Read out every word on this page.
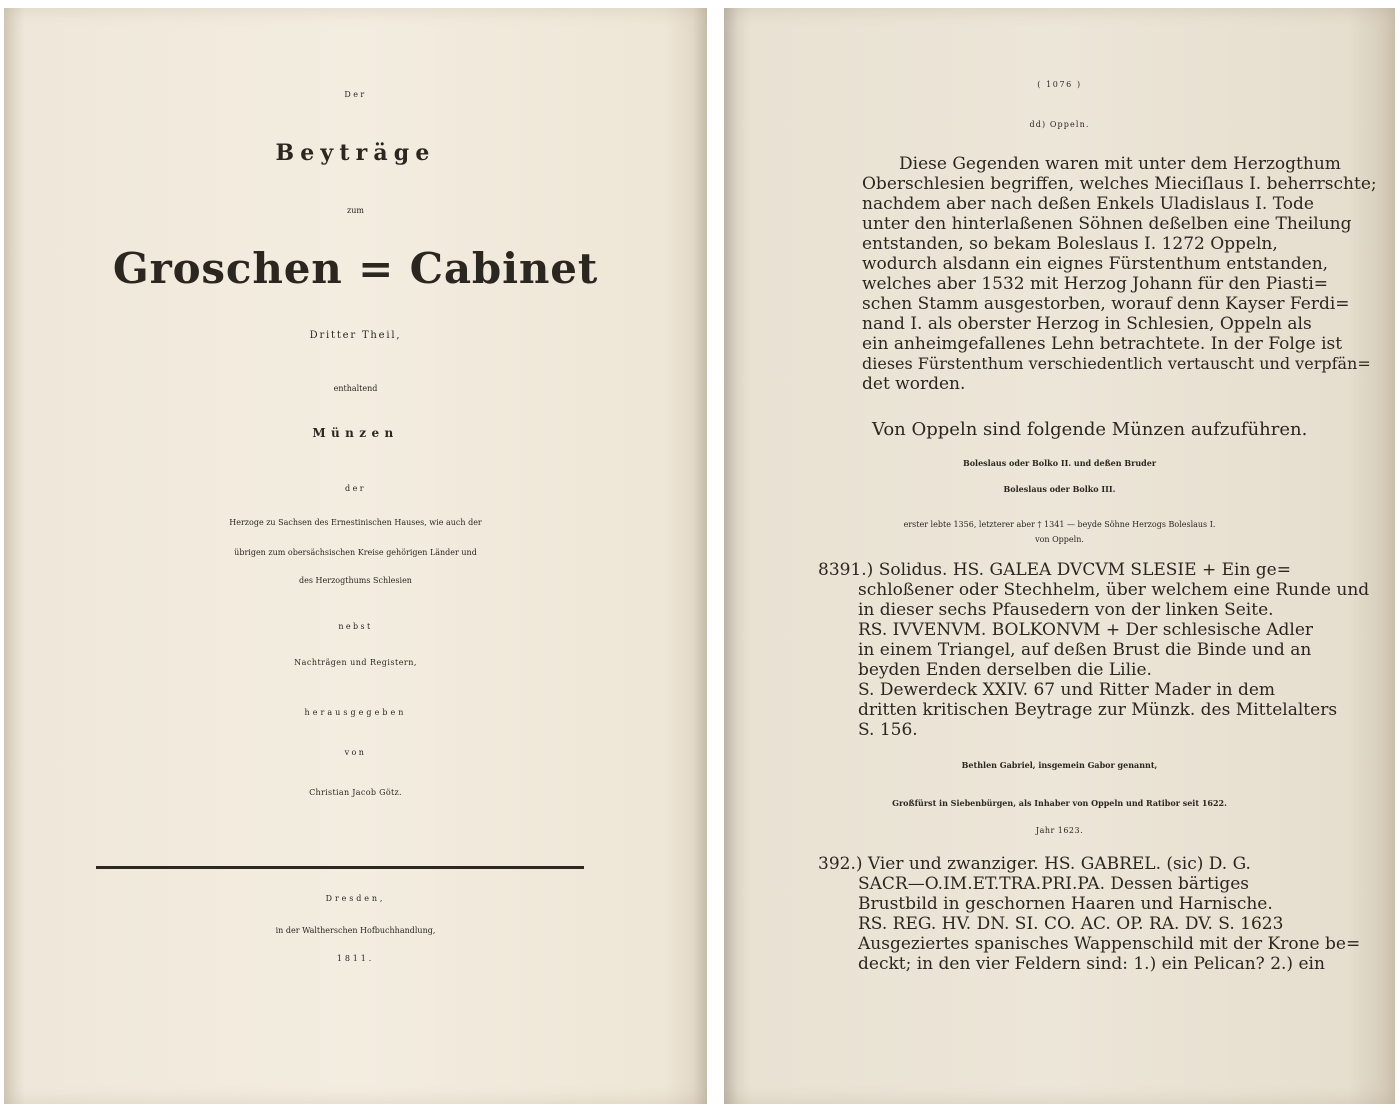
Der
Beyträge
zum
Groschen = Cabinet
Dritter Theil,
enthaltend
Münzen
der
Herzoge zu Sachsen des Ernestinischen Hauses, wie auch der
übrigen zum obersächsischen Kreise gehörigen Länder und
des Herzogthums Schlesien
nebst
Nachträgen und Registern,
herausgegeben
von
Christian Jacob Götz.
Dresden,
in der Waltherschen Hofbuchhandlung,
1811.
( 1076 )
dd) Oppeln.
Diese Gegenden waren mit unter dem Herzogthum
Oberschlesien begriffen, welches Mieciſlaus I. beherrschte;
nachdem aber nach deßen Enkels Uladislaus I. Tode
unter den hinterlaßenen Söhnen deßelben eine Theilung
entstanden, so bekam Boleslaus I. 1272 Oppeln,
wodurch alsdann ein eignes Fürstenthum entstanden,
welches aber 1532 mit Herzog Johann für den Piasti=
schen Stamm ausgestorben, worauf denn Kayser Ferdi=
nand I. als oberster Herzog in Schlesien, Oppeln als
ein anheimgefallenes Lehn betrachtete. In der Folge ist
dieses Fürstenthum verschiedentlich vertauscht und verpfän=
det worden.
Von Oppeln sind folgende Münzen aufzuführen.
Boleslaus oder Bolko II. und deßen Bruder
Boleslaus oder Bolko III.
erster lebte 1356, letzterer aber † 1341 — beyde Söhne Herzogs Boleslaus I.
von Oppeln.
8391.) Solidus. HS. GALEA DVCVM SLESIE + Ein ge=
schloßener oder Stechhelm, über welchem eine Runde und
in dieser sechs Pfausedern von der linken Seite.
RS. IVVENVM. BOLKONVM + Der schlesische Adler
in einem Triangel, auf deßen Brust die Binde und an
beyden Enden derselben die Lilie.
S. Dewerdeck XXIV. 67 und Ritter Mader in dem
dritten kritischen Beytrage zur Münzk. des Mittelalters
S. 156.
Bethlen Gabriel, insgemein Gabor genannt,
Großfürst in Siebenbürgen, als Inhaber von Oppeln und Ratibor seit 1622.
Jahr 1623.
392.) Vier und zwanziger. HS. GABREL. (sic) D. G.
SACR—O.IM.ET.TRA.PRI.PA. Dessen bärtiges
Brustbild in geschornen Haaren und Harnische.
RS. REG. HV. DN. SI. CO. AC. OP. RA. DV. S. 1623
Ausgeziertes spanisches Wappenschild mit der Krone be=
deckt; in den vier Feldern sind: 1.) ein Pelican? 2.) ein
